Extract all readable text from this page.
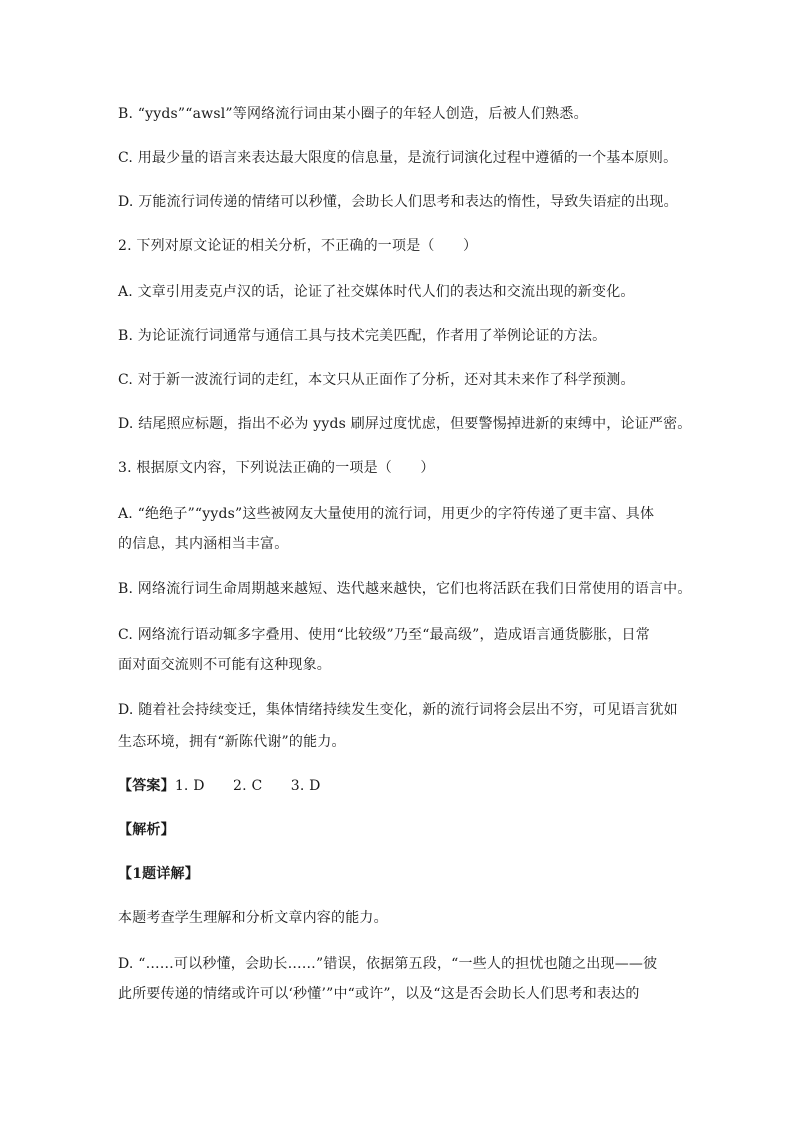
B. “yyds”“awsl”等网络流行词由某小圈子的年轻人创造，后被人们熟悉。
C. 用最少量的语言来表达最大限度的信息量，是流行词演化过程中遵循的一个基本原则。
D. 万能流行词传递的情绪可以秒懂，会助长人们思考和表达的惰性，导致失语症的出现。
2. 下列对原文论证的相关分析，不正确的一项是（　　）
A. 文章引用麦克卢汉的话，论证了社交媒体时代人们的表达和交流出现的新变化。
B. 为论证流行词通常与通信工具与技术完美匹配，作者用了举例论证的方法。
C. 对于新一波流行词的走红，本文只从正面作了分析，还对其未来作了科学预测。
D. 结尾照应标题，指出不必为 yyds 刷屏过度忧虑，但要警惕掉进新的束缚中，论证严密。
3. 根据原文内容，下列说法正确的一项是（　　）
A. “绝绝子”“yyds”这些被网友大量使用的流行词，用更少的字符传递了更丰富、具体
的信息，其内涵相当丰富。
B. 网络流行词生命周期越来越短、迭代越来越快，它们也将活跃在我们日常使用的语言中。
C. 网络流行语动辄多字叠用、使用“比较级”乃至“最高级”，造成语言通货膨胀，日常
面对面交流则不可能有这种现象。
D. 随着社会持续变迁，集体情绪持续发生变化，新的流行词将会层出不穷，可见语言犹如
生态环境，拥有“新陈代谢”的能力。
【答案】1. D　　2. C　　3. D
【解析】
【1题详解】
本题考查学生理解和分析文章内容的能力。
D. “……可以秒懂，会助长……”错误，依据第五段，“一些人的担忧也随之出现——彼
此所要传递的情绪或许可以‘秒懂’”中“或许”，以及“这是否会助长人们思考和表达的
